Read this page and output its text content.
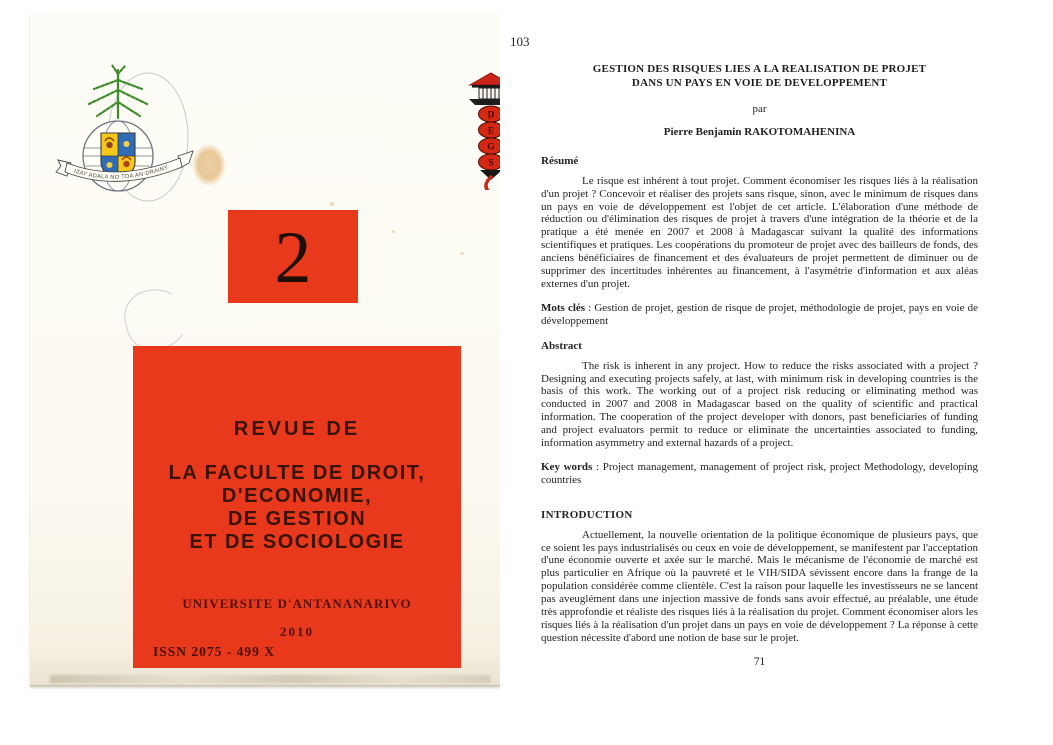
IZAY ADALA NO TOA AN-DRAINY
2
REVUE DE
LA FACULTE DE DROIT,
D'ECONOMIE,
DE GESTION
ET DE SOCIOLOGIE
UNIVERSITE D'ANTANANARIVO
2010
ISSN 2075 - 499 X
D
E
G
S
103
GESTION DES RISQUES LIES A LA REALISATION DE PROJET
DANS UN PAYS EN VOIE DE DEVELOPPEMENT
par
Pierre Benjamin RAKOTOMAHENINA
Résumé

Le risque est inhérent à tout projet. Comment économiser les risques liés à la réalisation d'un projet ? Concevoir et réaliser des projets sans risque, sinon, avec le minimum de risques dans un pays en voie de développement est l'objet de cet article. L'élaboration d'une méthode de réduction ou d'élimination des risques de projet à travers d'une intégration de la théorie et de la pratique a été menée en 2007 et 2008 à Madagascar suivant la qualité des informations scientifiques et pratiques. Les coopérations du promoteur de projet avec des bailleurs de fonds, des anciens bénéficiaires de financement et des évaluateurs de projet permettent de diminuer ou de supprimer des incertitudes inhérentes au financement, à l'asymétrie d'information et aux aléas externes d'un projet.

Mots clés : Gestion de projet, gestion de risque de projet, méthodologie de projet, pays en voie de développement

Abstract

The risk is inherent in any project. How to reduce the risks associated with a project ? Designing and executing projects safely, at last, with minimum risk in developing countries is the basis of this work. The working out of a project risk reducing or eliminating method was conducted in 2007 and 2008 in Madagascar based on the quality of scientific and practical information. The cooperation of the project developer with donors, past beneficiaries of funding and project evaluators permit to reduce or eliminate the uncertainties associated to funding, information asymmetry and external hazards of a project.

Key words : Project management, management of project risk, project Methodology, developing countries

INTRODUCTION

Actuellement, la nouvelle orientation de la politique économique de plusieurs pays, que ce soient les pays industrialisés ou ceux en voie de développement, se manifestent par l'acceptation d'une économie ouverte et axée sur le marché. Mais le mécanisme de l'économie de marché est plus particulier en Afrique où la pauvreté et le VIH/SIDA sévissent encore dans la frange de la population considérée comme clientèle. C'est la raison pour laquelle les investisseurs ne se lancent pas aveuglément dans une injection massive de fonds sans avoir effectué, au préalable, une étude très approfondie et réaliste des risques liés à la réalisation du projet. Comment économiser alors les risques liés à la réalisation d'un projet dans un pays en voie de développement ? La réponse à cette question nécessite d'abord une notion de base sur le projet.

71
